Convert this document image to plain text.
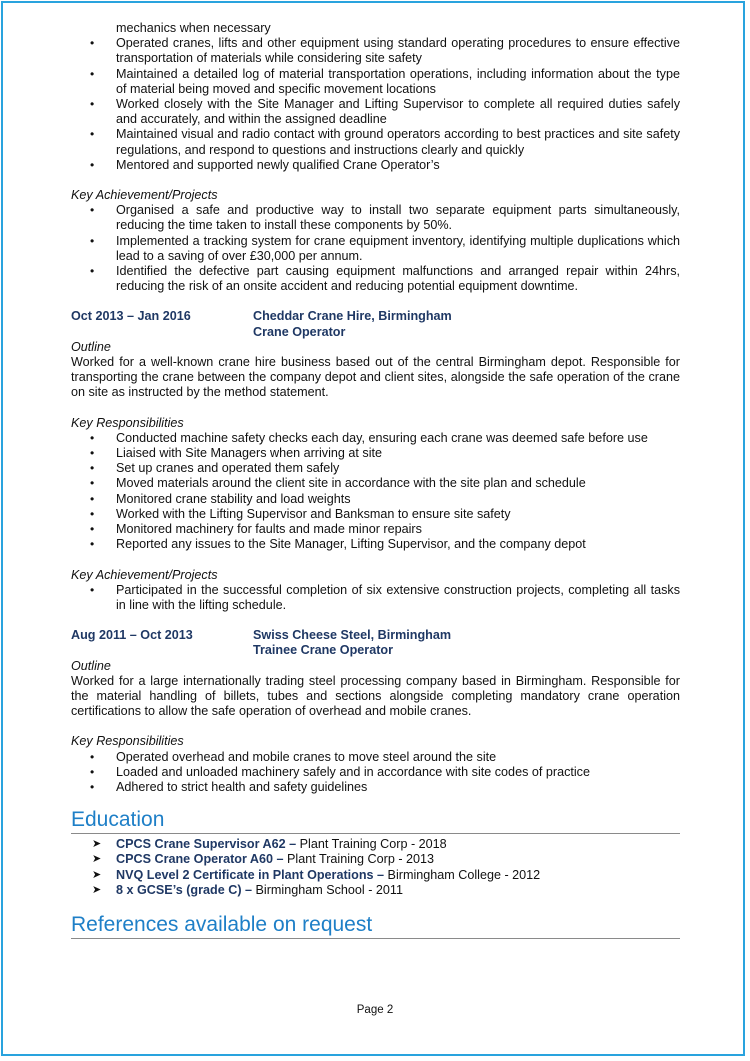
mechanics when necessary
• Operated cranes, lifts and other equipment using standard operating procedures to ensure effective transportation of materials while considering site safety
• Maintained a detailed log of material transportation operations, including information about the type of material being moved and specific movement locations
• Worked closely with the Site Manager and Lifting Supervisor to complete all required duties safely and accurately, and within the assigned deadline
• Maintained visual and radio contact with ground operators according to best practices and site safety regulations, and respond to questions and instructions clearly and quickly
• Mentored and supported newly qualified Crane Operator’s
Key Achievement/Projects
• Organised a safe and productive way to install two separate equipment parts simultaneously, reducing the time taken to install these components by 50%.
• Implemented a tracking system for crane equipment inventory, identifying multiple duplications which lead to a saving of over £30,000 per annum.
• Identified the defective part causing equipment malfunctions and arranged repair within 24hrs, reducing the risk of an onsite accident and reducing potential equipment downtime.
Oct 2013 – Jan 2016	Cheddar Crane Hire, Birmingham
Crane Operator
Outline

Worked for a well-known crane hire business based out of the central Birmingham depot. Responsible for transporting the crane between the company depot and client sites, alongside the safe operation of the crane on site as instructed by the method statement.

Key Responsibilities
• Conducted machine safety checks each day, ensuring each crane was deemed safe before use
• Liaised with Site Managers when arriving at site
• Set up cranes and operated them safely
• Moved materials around the client site in accordance with the site plan and schedule
• Monitored crane stability and load weights
• Worked with the Lifting Supervisor and Banksman to ensure site safety
• Monitored machinery for faults and made minor repairs
• Reported any issues to the Site Manager, Lifting Supervisor, and the company depot
Key Achievement/Projects
• Participated in the successful completion of six extensive construction projects, completing all tasks in line with the lifting schedule.
Aug 2011 – Oct 2013	Swiss Cheese Steel, Birmingham
Trainee Crane Operator
Outline

Worked for a large internationally trading steel processing company based in Birmingham. Responsible for the material handling of billets, tubes and sections alongside completing mandatory crane operation certifications to allow the safe operation of overhead and mobile cranes.

Key Responsibilities
• Operated overhead and mobile cranes to move steel around the site
• Loaded and unloaded machinery safely and in accordance with site codes of practice
• Adhered to strict health and safety guidelines
Education
➤ CPCS Crane Supervisor A62 – Plant Training Corp - 2018
➤ CPCS Crane Operator A60 – Plant Training Corp - 2013
➤ NVQ Level 2 Certificate in Plant Operations – Birmingham College - 2012
➤ 8 x GCSE’s (grade C) – Birmingham School - 2011
References available on request
Page 2
